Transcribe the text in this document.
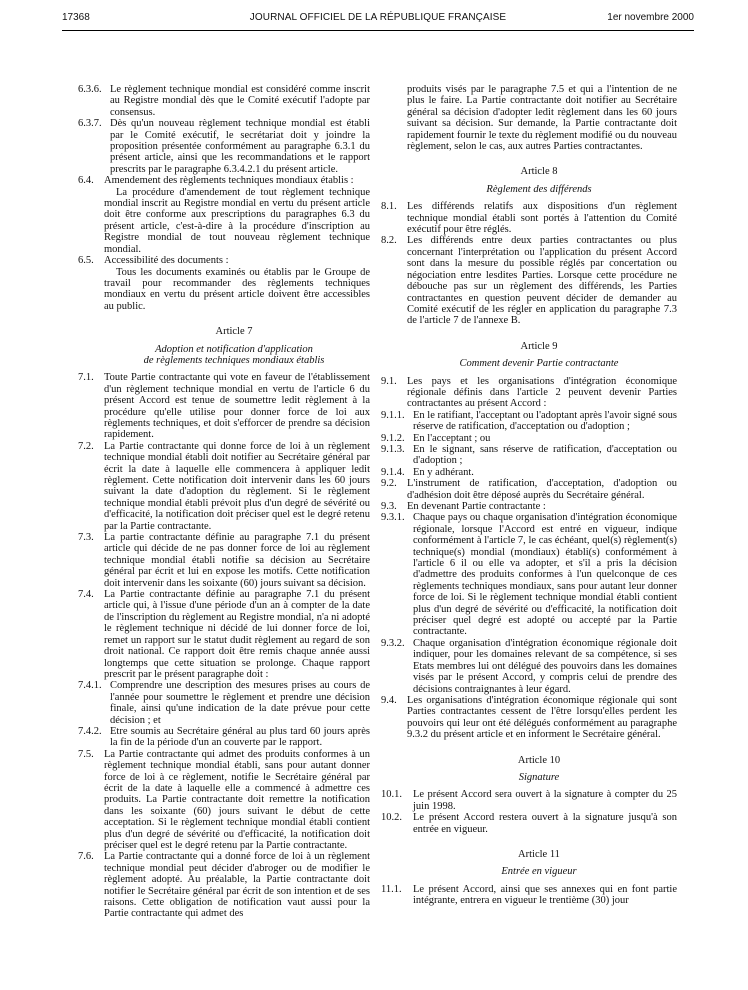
17368	JOURNAL OFFICIEL DE LA RÉPUBLIQUE FRANÇAISE	1er novembre 2000

6.3.6. Le règlement technique mondial est considéré comme inscrit au Registre mondial dès que le Comité exécutif l'adopte par consensus.

6.3.7. Dès qu'un nouveau règlement technique mondial est établi par le Comité exécutif, le secrétariat doit y joindre la proposition présentée conformément au paragraphe 6.3.1 du présent article, ainsi que les recommandations et le rapport prescrits par le paragraphe 6.3.4.2.1 du présent article.

6.4. Amendement des règlements techniques mondiaux établis :

La procédure d'amendement de tout règlement technique mondial inscrit au Registre mondial en vertu du présent article doit être conforme aux prescriptions du paragraphes 6.3 du présent article, c'est-à-dire à la procédure d'inscription au Registre mondial de tout nouveau règlement technique mondial.

6.5. Accessibilité des documents :

Tous les documents examinés ou établis par le Groupe de travail pour recommander des règlements techniques mondiaux en vertu du présent article doivent être accessibles au public.

Article 7

Adoption et notification d'application
de règlements techniques mondiaux établis

7.1. Toute Partie contractante qui vote en faveur de l'établissement d'un règlement technique mondial en vertu de l'article 6 du présent Accord est tenue de soumettre ledit règlement à la procédure qu'elle utilise pour donner force de loi aux règlements techniques, et doit s'efforcer de prendre sa décision rapidement.

7.2. La Partie contractante qui donne force de loi à un règlement technique mondial établi doit notifier au Secrétaire général par écrit la date à laquelle elle commencera à appliquer ledit règlement. Cette notification doit intervenir dans les 60 jours suivant la date d'adoption du règlement. Si le règlement technique mondial établi prévoit plus d'un degré de sévérité ou d'efficacité, la notification doit préciser quel est le degré retenu par la Partie contractante.

7.3. La partie contractante définie au paragraphe 7.1 du présent article qui décide de ne pas donner force de loi au règlement technique mondial établi notifie sa décision au Secrétaire général par écrit et lui en expose les motifs. Cette notification doit intervenir dans les soixante (60) jours suivant sa décision.

7.4. La Partie contractante définie au paragraphe 7.1 du présent article qui, à l'issue d'une période d'un an à compter de la date de l'inscription du règlement au Registre mondial, n'a ni adopté le règlement technique ni décidé de lui donner force de loi, remet un rapport sur le statut dudit règlement au regard de son droit national. Ce rapport doit être remis chaque année aussi longtemps que cette situation se prolonge. Chaque rapport prescrit par le présent paragraphe doit :

7.4.1. Comprendre une description des mesures prises au cours de l'année pour soumettre le règlement et prendre une décision finale, ainsi qu'une indication de la date prévue pour cette décision ; et

7.4.2. Etre soumis au Secrétaire général au plus tard 60 jours après la fin de la période d'un an couverte par le rapport.

7.5. La Partie contractante qui admet des produits conformes à un règlement technique mondial établi, sans pour autant donner force de loi à ce règlement, notifie le Secrétaire général par écrit de la date à laquelle elle a commencé à admettre ces produits. La Partie contractante doit remettre la notification dans les soixante (60) jours suivant le début de cette acceptation. Si le règlement technique mondial établi contient plus d'un degré de sévérité ou d'efficacité, la notification doit préciser quel est le degré retenu par la Partie contractante.

7.6. La Partie contractante qui a donné force de loi à un règlement technique mondial peut décider d'abroger ou de modifier le règlement adopté. Au préalable, la Partie contractante doit notifier le Secrétaire général par écrit de son intention et de ses raisons. Cette obligation de notification vaut aussi pour la Partie contractante qui admet des

produits visés par le paragraphe 7.5 et qui a l'intention de ne plus le faire. La Partie contractante doit notifier au Secrétaire général sa décision d'adopter ledit règlement dans les 60 jours suivant sa décision. Sur demande, la Partie contractante doit rapidement fournir le texte du règlement modifié ou du nouveau règlement, selon le cas, aux autres Parties contractantes.

Article 8

Règlement des différends

8.1. Les différends relatifs aux dispositions d'un règlement technique mondial établi sont portés à l'attention du Comité exécutif pour être réglés.

8.2. Les différends entre deux parties contractantes ou plus concernant l'interprétation ou l'application du présent Accord sont dans la mesure du possible réglés par concertation ou négociation entre lesdites Parties. Lorsque cette procédure ne débouche pas sur un règlement des différends, les Parties contractantes en question peuvent décider de demander au Comité exécutif de les régler en application du paragraphe 7.3 de l'article 7 de l'annexe B.

Article 9

Comment devenir Partie contractante

9.1. Les pays et les organisations d'intégration économique régionale définis dans l'article 2 peuvent devenir Parties contractantes au présent Accord :

9.1.1. En le ratifiant, l'acceptant ou l'adoptant après l'avoir signé sous réserve de ratification, d'acceptation ou d'adoption ;

9.1.2. En l'acceptant ; ou

9.1.3. En le signant, sans réserve de ratification, d'acceptation ou d'adoption ;

9.1.4. En y adhérant.

9.2. L'instrument de ratification, d'acceptation, d'adoption ou d'adhésion doit être déposé auprès du Secrétaire général.

9.3. En devenant Partie contractante :

9.3.1. Chaque pays ou chaque organisation d'intégration économique régionale, lorsque l'Accord est entré en vigueur, indique conformément à l'article 7, le cas échéant, quel(s) règlement(s) technique(s) mondial (mondiaux) établi(s) conformément à l'article 6 il ou elle va adopter, et s'il a pris la décision d'admettre des produits conformes à l'un quelconque de ces règlements techniques mondiaux, sans pour autant leur donner force de loi. Si le règlement technique mondial établi contient plus d'un degré de sévérité ou d'efficacité, la notification doit préciser quel degré est adopté ou accepté par la Partie contractante.

9.3.2. Chaque organisation d'intégration économique régionale doit indiquer, pour les domaines relevant de sa compétence, si ses Etats membres lui ont délégué des pouvoirs dans les domaines visés par le présent Accord, y compris celui de prendre des décisions contraignantes à leur égard.

9.4. Les organisations d'intégration économique régionale qui sont Parties contractantes cessent de l'être lorsqu'elles perdent les pouvoirs qui leur ont été délégués conformément au paragraphe 9.3.2 du présent article et en informent le Secrétaire général.

Article 10

Signature

10.1. Le présent Accord sera ouvert à la signature à compter du 25 juin 1998.

10.2. Le présent Accord restera ouvert à la signature jusqu'à son entrée en vigueur.

Article 11

Entrée en vigueur

11.1. Le présent Accord, ainsi que ses annexes qui en font partie intégrante, entrera en vigueur le trentième (30) jour
